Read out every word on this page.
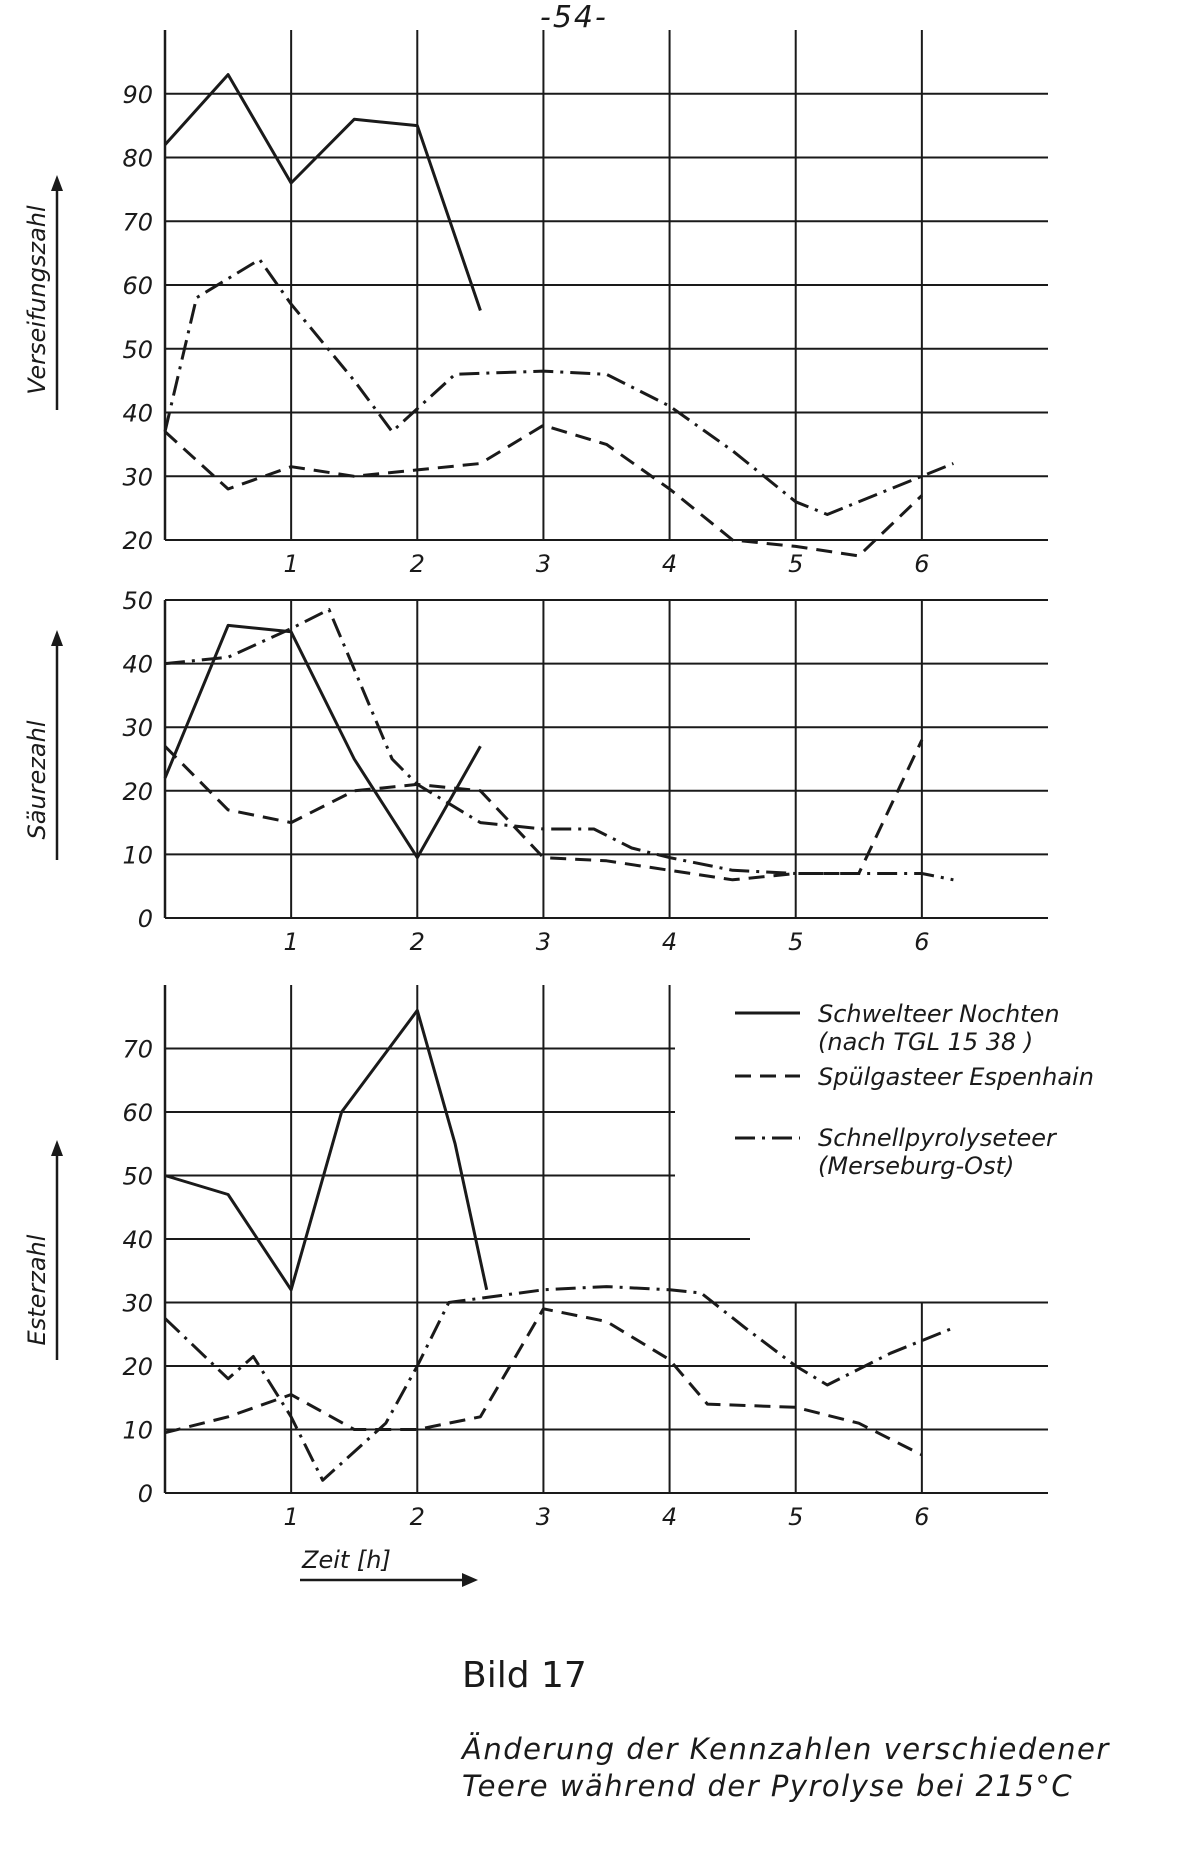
-54-
20
30
40
50
60
70
80
90
1	2	3	4	5	6
Verseifungszahl
0
10
20
30
40
50
1	2	3	4	5	6
Säurezahl
0
10
20
30
40
50
60
70
1	2	3	4	5	6
Esterzahl
Schwelteer Nochten
(nach TGL 15 38 )
Spülgasteer Espenhain
Schnellpyrolyseteer
(Merseburg-Ost)
Zeit [h]
Bild 17
Änderung der Kennzahlen verschiedener
Teere während der Pyrolyse bei 215°C
